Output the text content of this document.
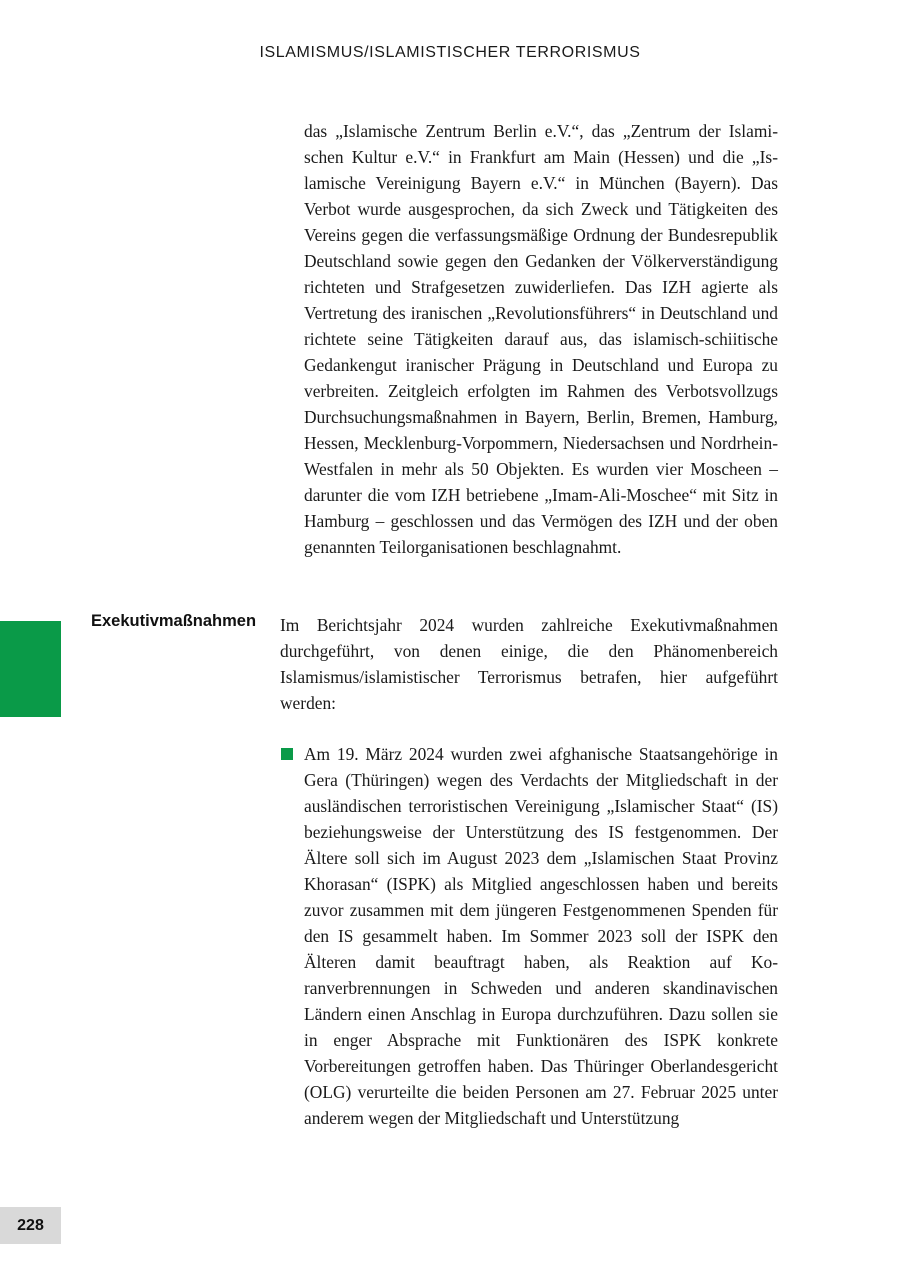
ISLAMISMUS/ISLAMISTISCHER TERRORISMUS

das „Islamische Zentrum Berlin e.V.“, das „Zentrum der Islamischen Kultur e.V.“ in Frankfurt am Main (Hessen) und die „Islamische Vereinigung Bayern e.V.“ in München (Bayern). Das Verbot wurde ausgesprochen, da sich Zweck und Tätigkeiten des Vereins gegen die verfassungsmäßige Ordnung der Bundesrepublik Deutschland sowie gegen den Gedanken der Völkerverständigung richteten und Strafgesetzen zuwiderliefen. Das IZH agierte als Vertretung des iranischen „Revolutionsführers“ in Deutschland und richtete seine Tätigkeiten darauf aus, das islamisch-schiitische Gedankengut iranischer Prägung in Deutschland und Europa zu verbreiten. Zeitgleich erfolgten im Rahmen des Verbotsvollzugs Durchsuchungsmaßnahmen in Bayern, Berlin, Bremen, Hamburg, Hessen, Mecklenburg-Vorpommern, Niedersachsen und Nordrhein-Westfalen in mehr als 50 Objekten. Es wurden vier Moscheen – darunter die vom IZH betriebene „Imam-Ali-Moschee“ mit Sitz in Hamburg – geschlossen und das Vermögen des IZH und der oben genannten Teilorganisationen beschlagnahmt.

Exekutivmaßnahmen Im Berichtsjahr 2024 wurden zahlreiche Exekutivmaßnahmen durchgeführt, von denen einige, die den Phänomenbereich Islamismus/islamistischer Terrorismus betrafen, hier aufgeführt werden:

Am 19. März 2024 wurden zwei afghanische Staatsangehörige in Gera (Thüringen) wegen des Verdachts der Mitgliedschaft in der ausländischen terroristischen Vereinigung „Islamischer Staat“ (IS) beziehungsweise der Unterstützung des IS festgenommen. Der Ältere soll sich im August 2023 dem „Islamischen Staat Provinz Khorasan“ (ISPK) als Mitglied angeschlossen haben und bereits zuvor zusammen mit dem jüngeren Festgenommenen Spenden für den IS gesammelt haben. Im Sommer 2023 soll der ISPK den Älteren damit beauftragt haben, als Reaktion auf Koranverbrennungen in Schweden und anderen skandinavischen Ländern einen Anschlag in Europa durchzuführen. Dazu sollen sie in enger Absprache mit Funktionären des ISPK konkrete Vorbereitungen getroffen haben. Das Thüringer Oberlandesgericht (OLG) verurteilte die beiden Personen am 27. Februar 2025 unter anderem wegen der Mitgliedschaft und Unterstützung

228
